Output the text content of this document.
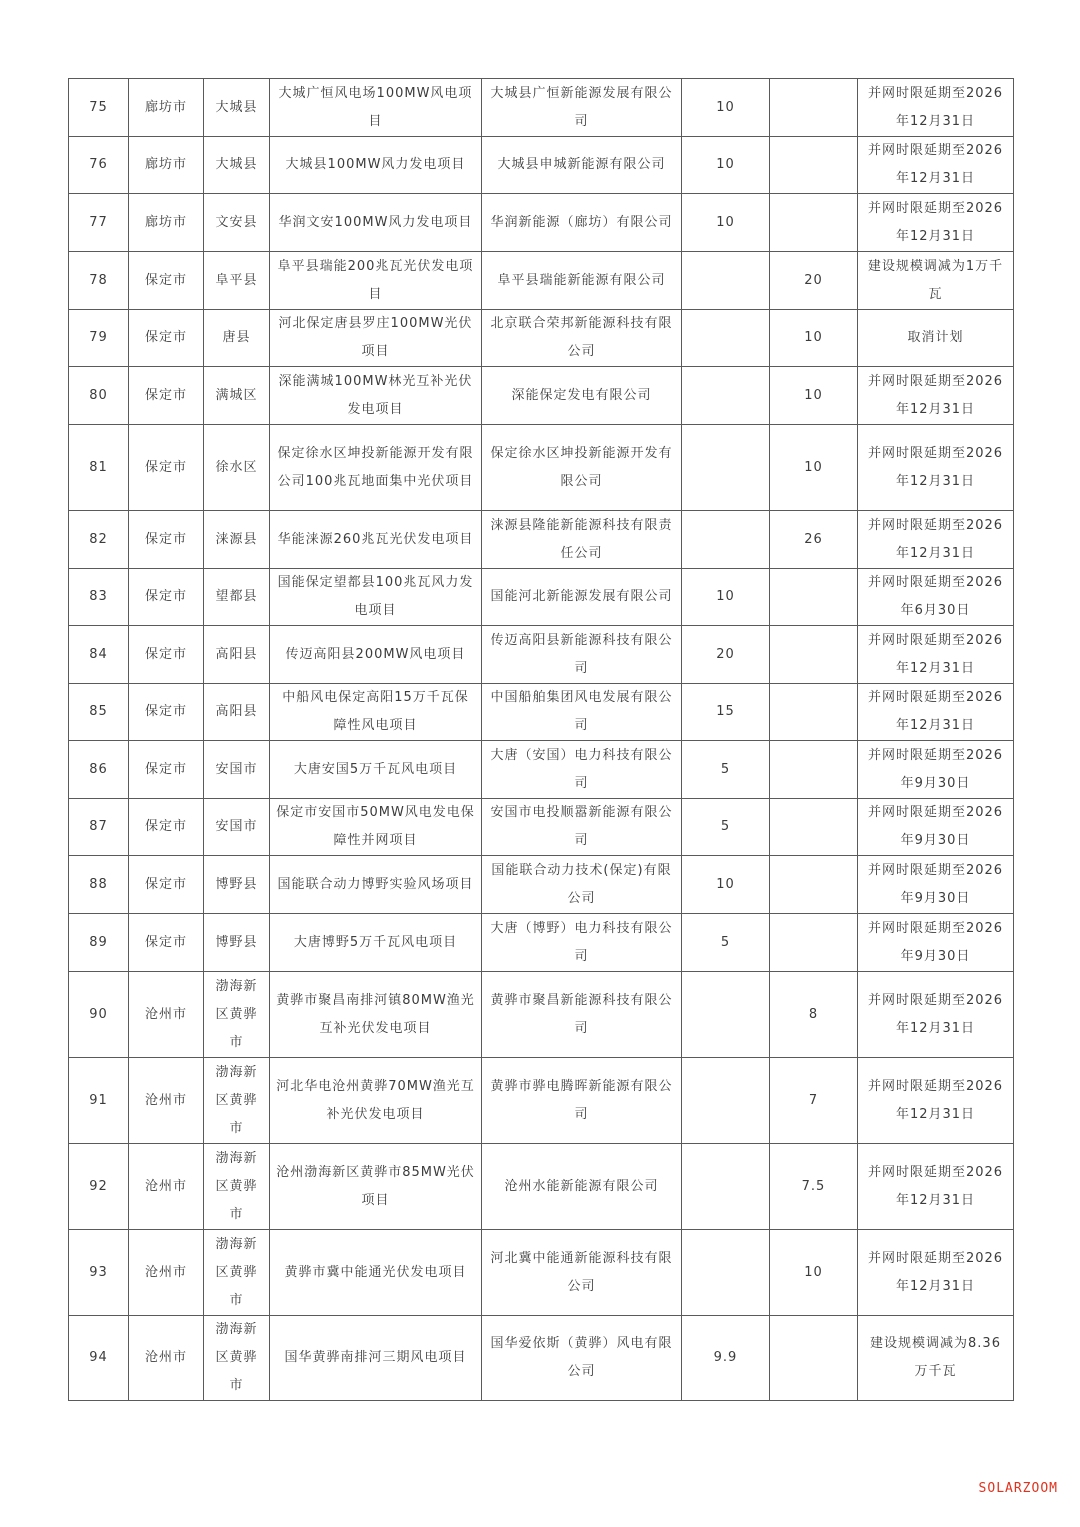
75	廊坊市	大城县	大城广恒风电场100MW风电项目	大城县广恒新能源发展有限公司	10		并网时限延期至2026年12月31日
76	廊坊市	大城县	大城县100MW风力发电项目	大城县申城新能源有限公司	10		并网时限延期至2026年12月31日
77	廊坊市	文安县	华润文安100MW风力发电项目	华润新能源（廊坊）有限公司	10		并网时限延期至2026年12月31日
78	保定市	阜平县	阜平县瑞能200兆瓦光伏发电项目	阜平县瑞能新能源有限公司		20	建设规模调减为1万千瓦
79	保定市	唐县	河北保定唐县罗庄100MW光伏项目	北京联合荣邦新能源科技有限公司		10	取消计划
80	保定市	满城区	深能满城100MW林光互补光伏发电项目	深能保定发电有限公司		10	并网时限延期至2026年12月31日
81	保定市	徐水区	保定徐水区坤投新能源开发有限公司100兆瓦地面集中光伏项目	保定徐水区坤投新能源开发有限公司		10	并网时限延期至2026年12月31日
82	保定市	涞源县	华能涞源260兆瓦光伏发电项目	涞源县隆能新能源科技有限责任公司		26	并网时限延期至2026年12月31日
83	保定市	望都县	国能保定望都县100兆瓦风力发电项目	国能河北新能源发展有限公司	10		并网时限延期至2026年6月30日
84	保定市	高阳县	传迈高阳县200MW风电项目	传迈高阳县新能源科技有限公司	20		并网时限延期至2026年12月31日
85	保定市	高阳县	中船风电保定高阳15万千瓦保障性风电项目	中国船舶集团风电发展有限公司	15		并网时限延期至2026年12月31日
86	保定市	安国市	大唐安国5万千瓦风电项目	大唐（安国）电力科技有限公司	5		并网时限延期至2026年9月30日
87	保定市	安国市	保定市安国市50MW风电发电保障性并网项目	安国市电投顺嚣新能源有限公司	5		并网时限延期至2026年9月30日
88	保定市	博野县	国能联合动力博野实验风场项目	国能联合动力技术(保定)有限公司	10		并网时限延期至2026年9月30日
89	保定市	博野县	大唐博野5万千瓦风电项目	大唐（博野）电力科技有限公司	5		并网时限延期至2026年9月30日
90	沧州市	渤海新区黄骅市	黄骅市聚昌南排河镇80MW渔光互补光伏发电项目	黄骅市聚昌新能源科技有限公司		8	并网时限延期至2026年12月31日
91	沧州市	渤海新区黄骅市	河北华电沧州黄骅70MW渔光互补光伏发电项目	黄骅市骅电腾晖新能源有限公司		7	并网时限延期至2026年12月31日
92	沧州市	渤海新区黄骅市	沧州渤海新区黄骅市85MW光伏项目	沧州水能新能源有限公司		7.5	并网时限延期至2026年12月31日
93	沧州市	渤海新区黄骅市	黄骅市冀中能通光伏发电项目	河北冀中能通新能源科技有限公司		10	并网时限延期至2026年12月31日
94	沧州市	渤海新区黄骅市	国华黄骅南排河三期风电项目	国华爱依斯（黄骅）风电有限公司	9.9		建设规模调减为8.36万千瓦
SOLARZOOM
